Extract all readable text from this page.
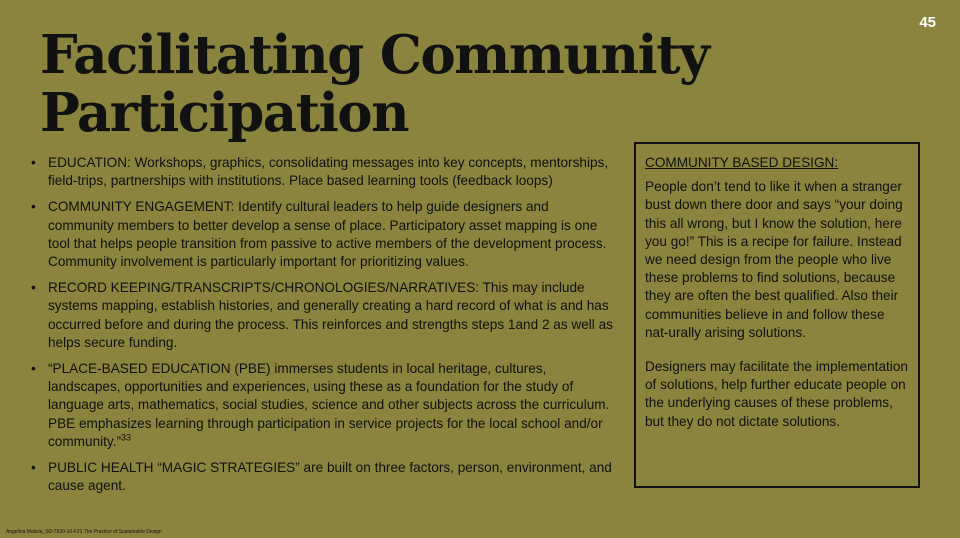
45
Facilitating Community
Participation
• EDUCATION: Workshops, graphics, consolidating messages into key concepts, mentorships, field-trips, partnerships with institutions. Place based learning tools (feedback loops)
• COMMUNITY ENGAGEMENT: Identify cultural leaders to help guide designers and community members to better develop a sense of place. Participatory asset mapping is one tool that helps people transition from passive to active members of the development process. Community involvement is particularly important for prioritizing values.
• RECORD KEEPING/TRANSCRIPTS/CHRONOLOGIES/NARRATIVES: This may include systems mapping, establish histories, and generally creating a hard record of what is and has occurred before and during the process. This reinforces and strengths steps 1and 2 as well as helps secure funding.
• “PLACE-BASED EDUCATION (PBE) immerses students in local heritage, cultures, landscapes, opportunities and experiences, using these as a foundation for the study of language arts, mathematics, social studies, science and other subjects across the curriculum. PBE emphasizes learning through participation in service projects for the local school and/or community.”$^{33}$
• PUBLIC HEALTH “MAGIC STRATEGIES” are built on three factors, person, environment, and cause agent.
COMMUNITY BASED DESIGN:

People don’t tend to like it when a stranger bust down there door and says “your doing this all wrong, but I know the solution, here you go!” This is a recipe for failure. Instead we need design from the people who live these problems to find solutions, because they are often the best qualified. Also their communities believe in and follow these nat-urally arising solutions.

Designers may facilitate the implementation of solutions, help further educate people on the underlying causes of these problems, but they do not dictate solutions.

Angelina Malizia_SD-7620-10-F21 The Practice of Sustainable Design
